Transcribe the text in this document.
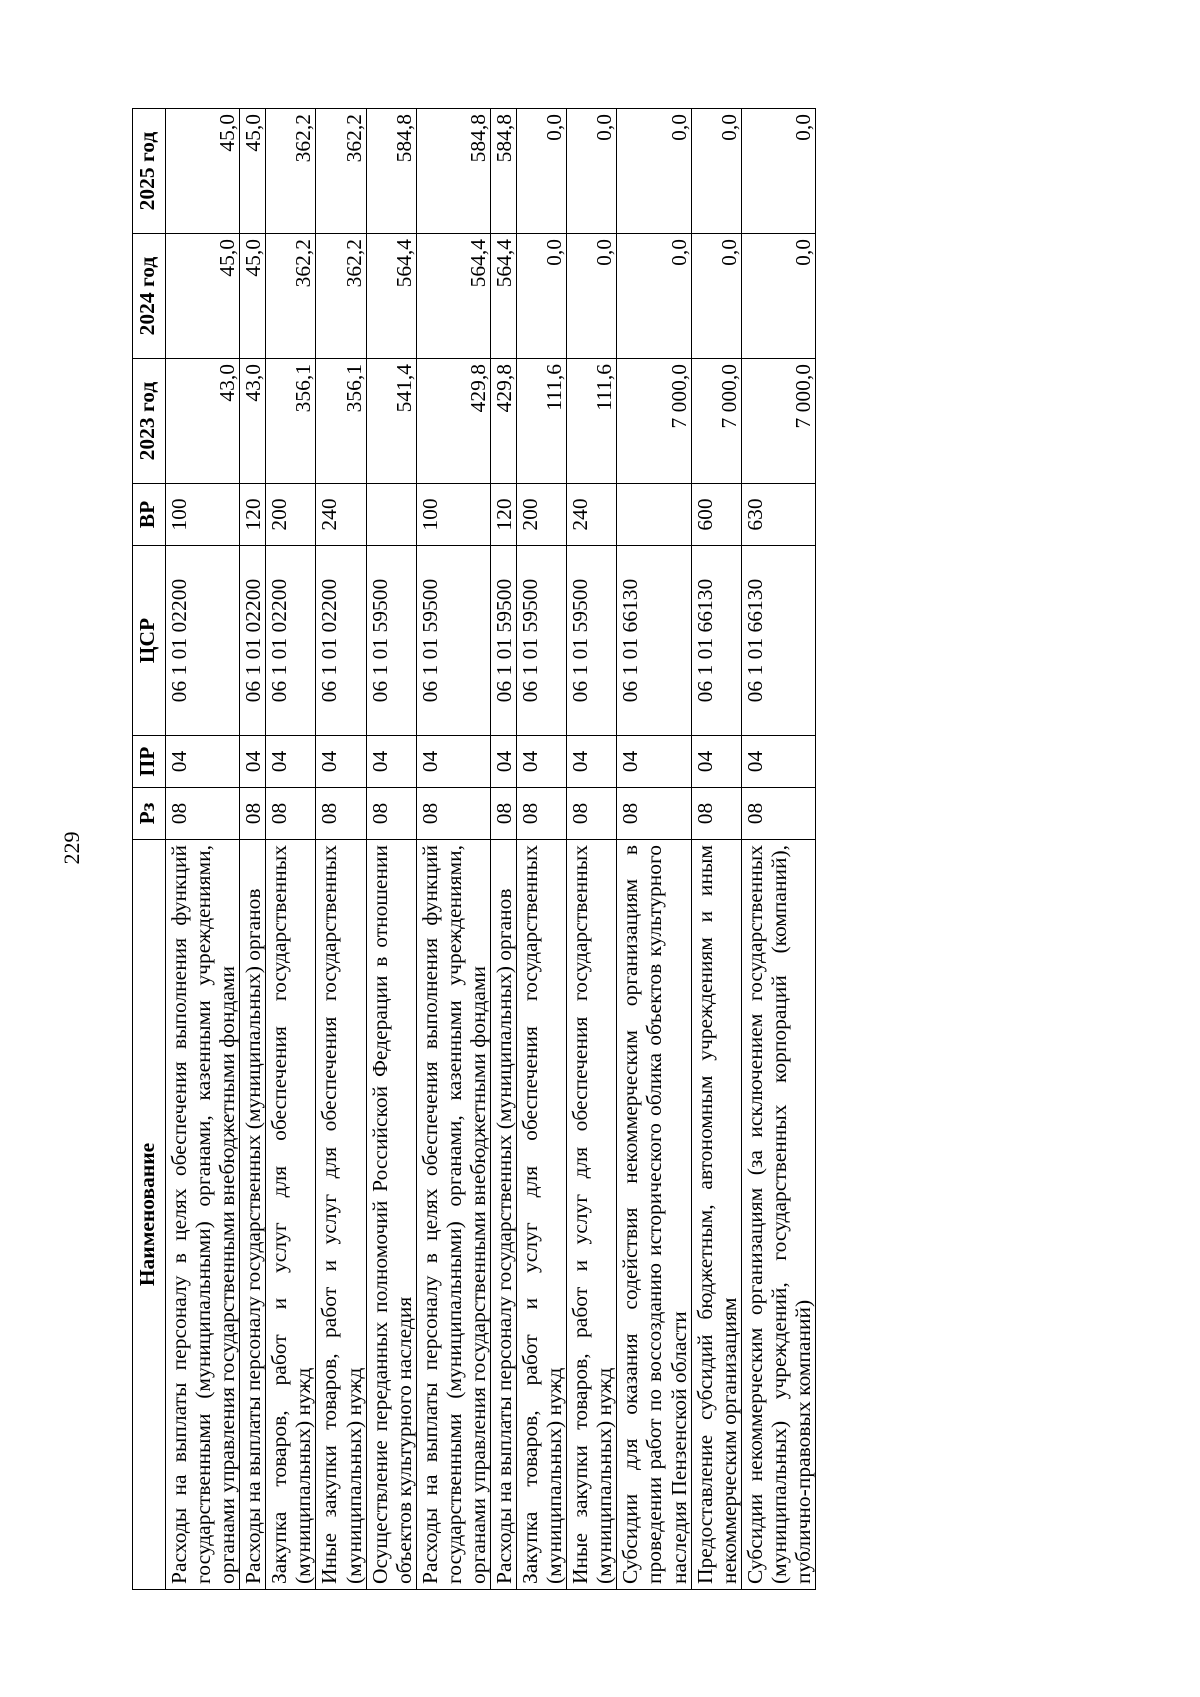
229
Наименование	Рз	ПР	ЦСР	ВР	2023 год	2024 год	2025 год
Расходы на выплаты персоналу в целях обеспечения выполнения функций государственными (муниципальными) органами, казенными учреждениями, органами управления государственными внебюджетными фондами	08	04	06 1 01 02200	100	43,0	45,0	45,0
Расходы на выплаты персоналу государственных (муниципальных) органов	08	04	06 1 01 02200	120	43,0	45,0	45,0
Закупка товаров, работ и услуг для обеспечения государственных (муниципальных) нужд	08	04	06 1 01 02200	200	356,1	362,2	362,2
Иные закупки товаров, работ и услуг для обеспечения государственных (муниципальных) нужд	08	04	06 1 01 02200	240	356,1	362,2	362,2
Осуществление переданных полномочий Российской Федерации в отношении объектов культурного наследия	08	04	06 1 01 59500		541,4	564,4	584,8
Расходы на выплаты персоналу в целях обеспечения выполнения функций государственными (муниципальными) органами, казенными учреждениями, органами управления государственными внебюджетными фондами	08	04	06 1 01 59500	100	429,8	564,4	584,8
Расходы на выплаты персоналу государственных (муниципальных) органов	08	04	06 1 01 59500	120	429,8	564,4	584,8
Закупка товаров, работ и услуг для обеспечения государственных (муниципальных) нужд	08	04	06 1 01 59500	200	111,6	0,0	0,0
Иные закупки товаров, работ и услуг для обеспечения государственных (муниципальных) нужд	08	04	06 1 01 59500	240	111,6	0,0	0,0
Субсидии для оказания содействия некоммерческим организациям в проведении работ по воссозданию исторического облика объектов культурного наследия Пензенской области	08	04	06 1 01 66130		7 000,0	0,0	0,0
Предоставление субсидий бюджетным, автономным учреждениям и иным некоммерческим организациям	08	04	06 1 01 66130	600	7 000,0	0,0	0,0
Субсидии некоммерческим организациям (за исключением государственных (муниципальных) учреждений, государственных корпораций (компаний), публично-правовых компаний)	08	04	06 1 01 66130	630	7 000,0	0,0	0,0
